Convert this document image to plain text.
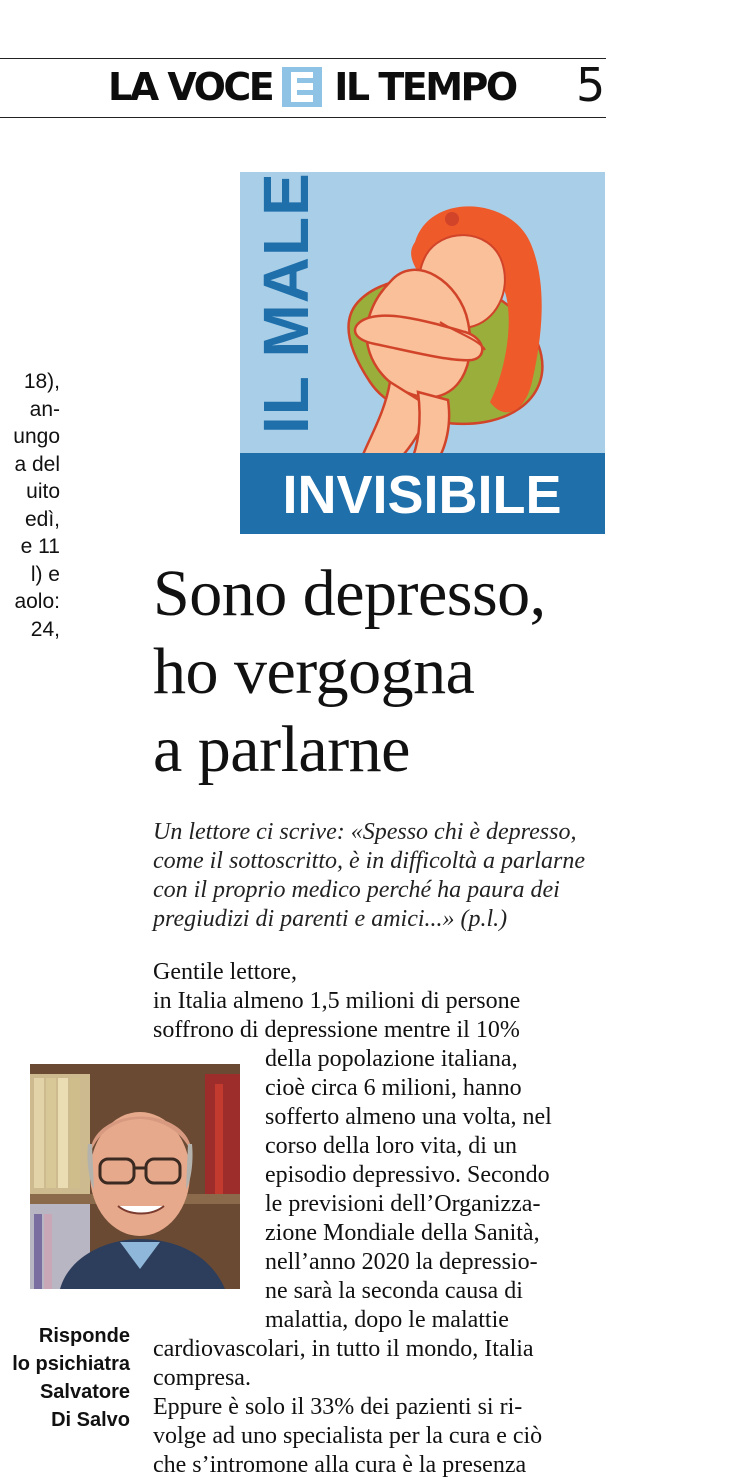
LA VOCE IL TEMPO 5
18),
an-
ungo
a del
uito
edì,
e 11
l) e
aolo:
24,
IL MALE
INVISIBILE
Sono depresso,
ho vergogna
a parlarne
Un lettore ci scrive: «Spesso chi è depresso,
come il sottoscritto, è in difficoltà a parlarne
con il proprio medico perché ha paura dei
pregiudizi di parenti e amici...» (p.l.)
Gentile lettore,
in Italia almeno 1,5 milioni di persone
soffrono di depressione mentre il 10%
della popolazione italiana,
cioè circa 6 milioni, hanno
sofferto almeno una volta, nel
corso della loro vita, di un
episodio depressivo. Secondo
le previsioni dell’Organizza-
zione Mondiale della Sanità,
nell’anno 2020 la depressio-
ne sarà la seconda causa di
malattia, dopo le malattie
cardiovascolari, in tutto il mondo, Italia
compresa.
Eppure è solo il 33% dei pazienti si ri-
volge ad uno specialista per la cura e ciò
che s’intromone alla cura è la presenza
Risponde
lo psichiatra
Salvatore
Di Salvo
